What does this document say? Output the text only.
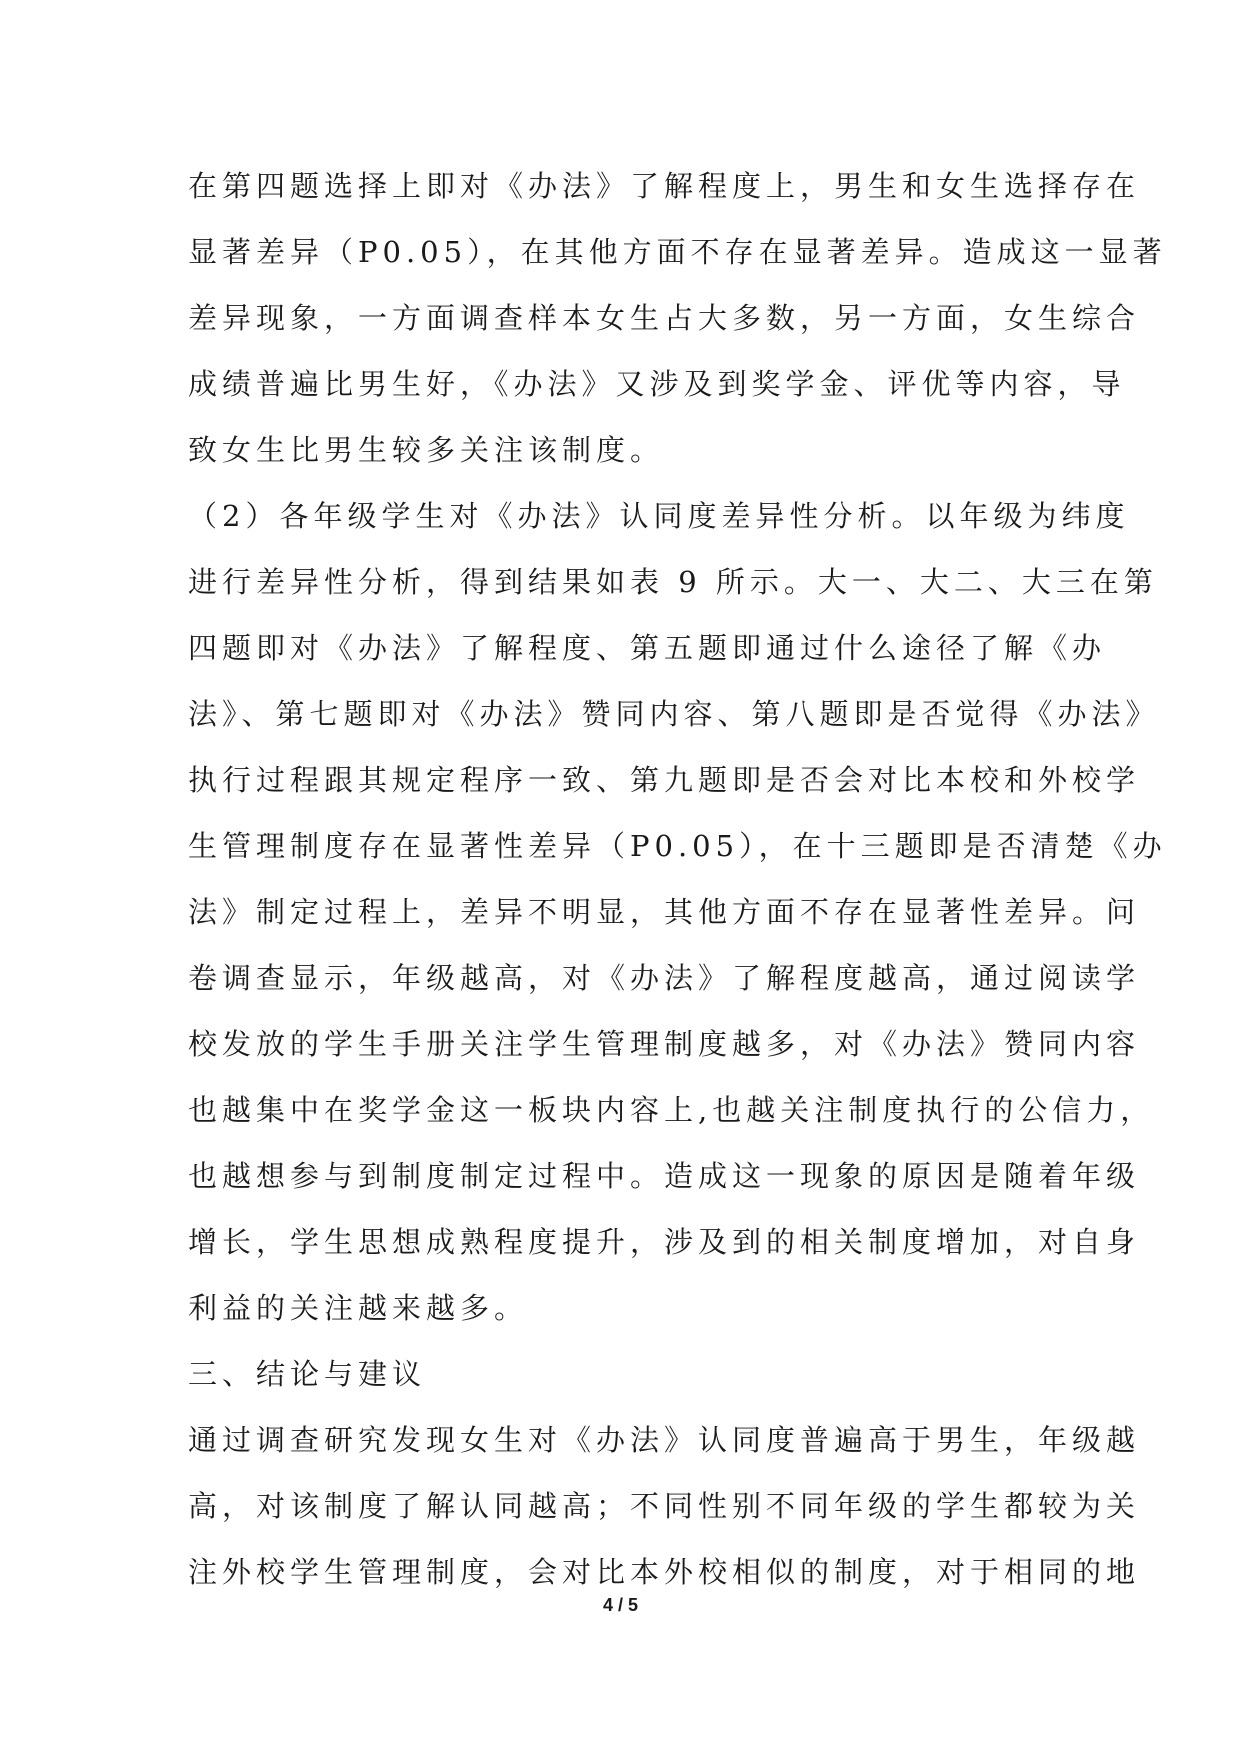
在第四题选择上即对《办法》了解程度上，男生和女生选择存在
显著差异（P0.05），在其他方面不存在显著差异。造成这一显著
差异现象，一方面调查样本女生占大多数，另一方面，女生综合
成绩普遍比男生好，《办法》又涉及到奖学金、评优等内容，导
致女生比男生较多关注该制度。
（2）各年级学生对《办法》认同度差异性分析。以年级为纬度
进行差异性分析，得到结果如表 9 所示。大一、大二、大三在第
四题即对《办法》了解程度、第五题即通过什么途径了解《办
法》、第七题即对《办法》赞同内容、第八题即是否觉得《办法》
执行过程跟其规定程序一致、第九题即是否会对比本校和外校学
生管理制度存在显著性差异（P0.05），在十三题即是否清楚《办
法》制定过程上，差异不明显，其他方面不存在显著性差异。问
卷调查显示，年级越高，对《办法》了解程度越高，通过阅读学
校发放的学生手册关注学生管理制度越多，对《办法》赞同内容
也越集中在奖学金这一板块内容上,也越关注制度执行的公信力，
也越想参与到制度制定过程中。造成这一现象的原因是随着年级
增长，学生思想成熟程度提升，涉及到的相关制度增加，对自身
利益的关注越来越多。
三、结论与建议
通过调查研究发现女生对《办法》认同度普遍高于男生，年级越
高，对该制度了解认同越高；不同性别不同年级的学生都较为关
注外校学生管理制度，会对比本外校相似的制度，对于相同的地
4 / 5
